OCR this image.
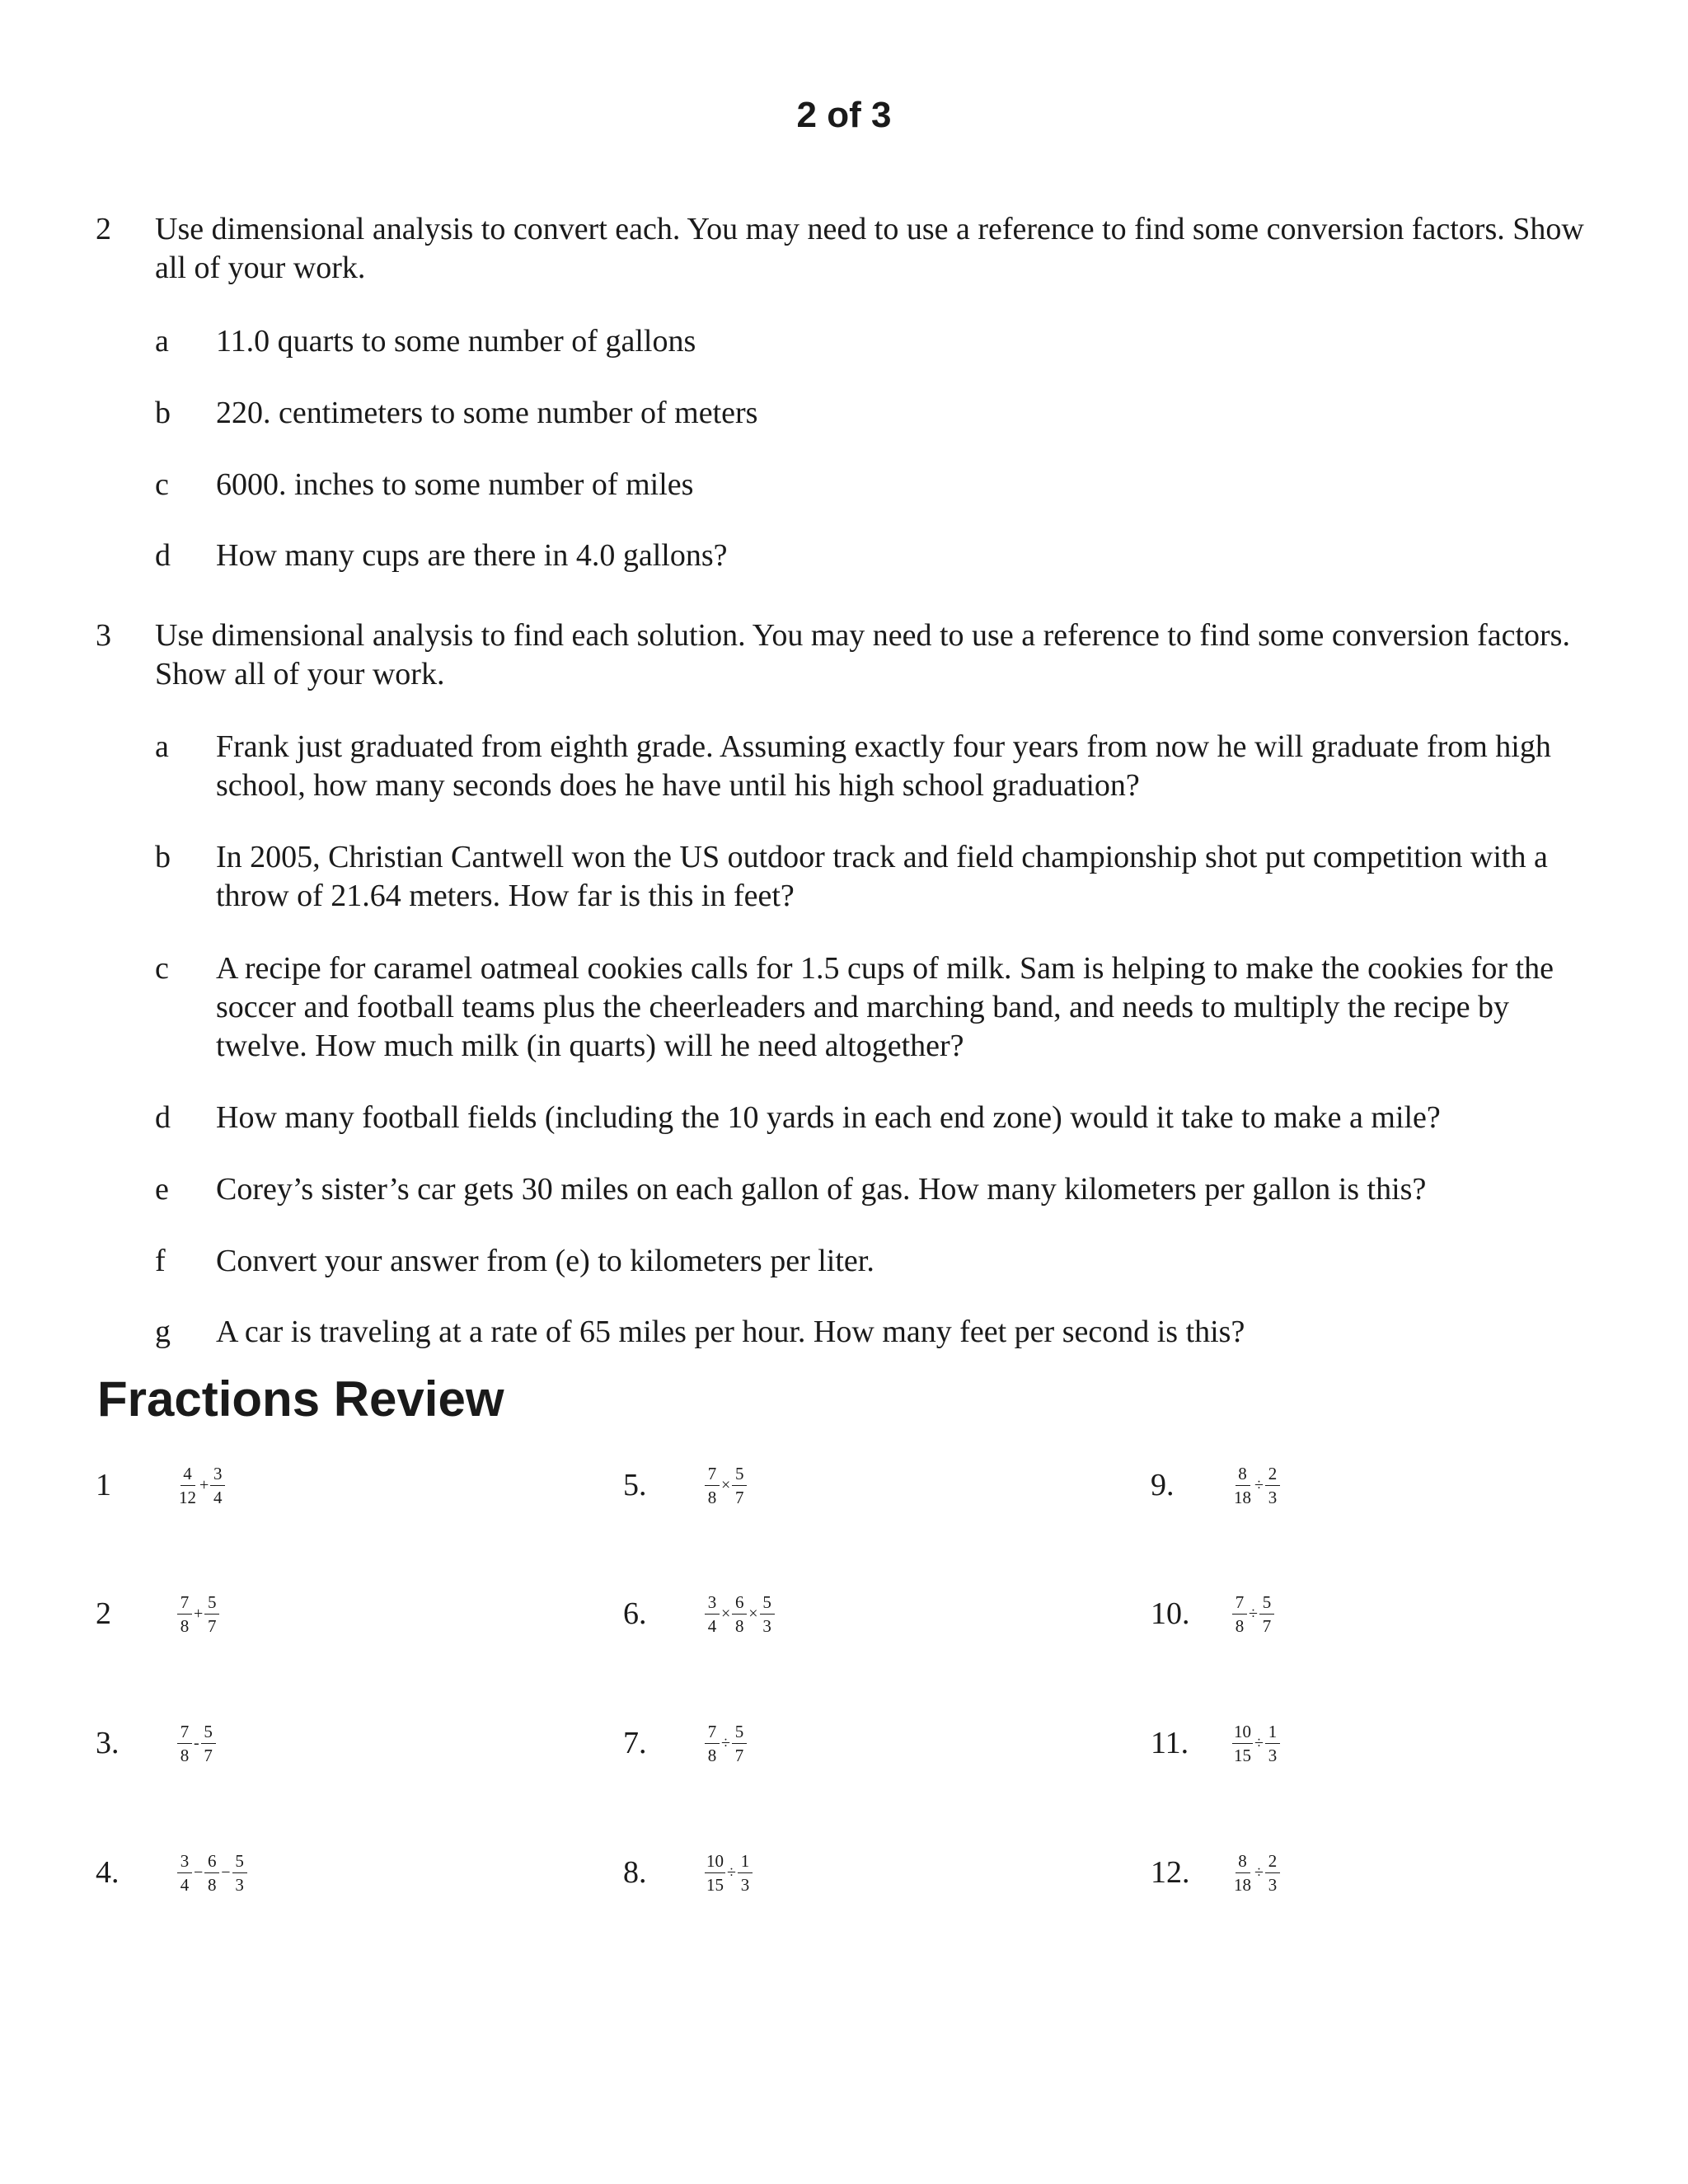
2 of 3
2 Use dimensional analysis to convert each. You may need to use a reference to find some conversion factors. Show all of your work.
a 11.0 quarts to some number of gallons
b 220. centimeters to some number of meters
c 6000. inches to some number of miles
d How many cups are there in 4.0 gallons?
3 Use dimensional analysis to find each solution. You may need to use a reference to find some conversion factors. Show all of your work.
a Frank just graduated from eighth grade. Assuming exactly four years from now he will graduate from high school, how many seconds does he have until his high school graduation?
b In 2005, Christian Cantwell won the US outdoor track and field championship shot put competition with a throw of 21.64 meters. How far is this in feet?
c A recipe for caramel oatmeal cookies calls for 1.5 cups of milk. Sam is helping to make the cookies for the soccer and football teams plus the cheerleaders and marching band, and needs to multiply the recipe by twelve. How much milk (in quarts) will he need altogether?
d How many football fields (including the 10 yards in each end zone) would it take to make a mile?
e Corey’s sister’s car gets 30 miles on each gallon of gas. How many kilometers per gallon is this?
f Convert your answer from (e) to kilometers per liter.
g A car is traveling at a rate of 65 miles per hour. How many feet per second is this?
Fractions Review
1	$\frac{4}{12} + \frac{3}{4}$
2	$\frac{7}{8} + \frac{5}{7}$
3.	$\frac{7}{8} - \frac{5}{7}$
4.	$\frac{3}{4} - \frac{6}{8} - \frac{5}{3}$
5.	$\frac{7}{8} \times \frac{5}{7}$
6.	$\frac{3}{4} \times \frac{6}{8} \times \frac{5}{3}$
7.	$\frac{7}{8} \div \frac{5}{7}$
8.	$\frac{10}{15} \div \frac{1}{3}$
9.	$\frac{8}{18} \div \frac{2}{3}$
10. $\frac{7}{8} \div \frac{5}{7}$
11.	$\frac{10}{15} \div \frac{1}{3}$
12. $\frac{8}{18} \div \frac{2}{3}$
